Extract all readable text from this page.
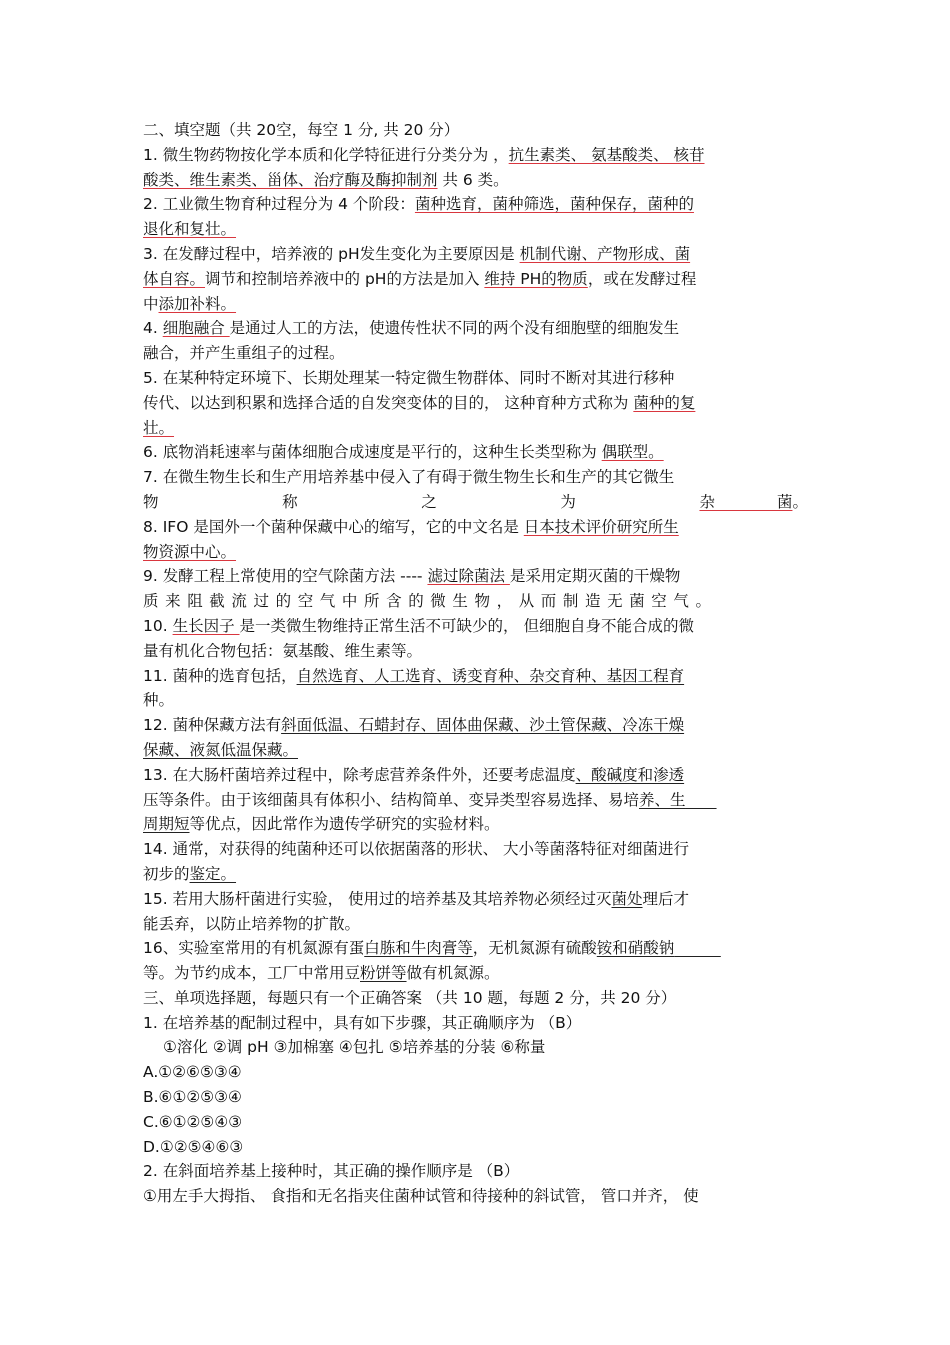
二、填空题（共 20空，每空 1 分, 共 20 分）
1. 微生物药物按化学本质和化学特征进行分类分为 ，抗生素类、 氨基酸类、 核苷
酸类、维生素类、甾体、治疗酶及酶抑制剂 共 6 类。
2. 工业微生物育种过程分为 4 个阶段：菌种选育，菌种筛选，菌种保存，菌种的
退化和复壮。
3. 在发酵过程中，培养液的 pH发生变化为主要原因是 机制代谢、产物形成、菌
体自容。调节和控制培养液中的 pH的方法是加入 维持 PH的物质，或在发酵过程
中添加补料。
4. 细胞融合 是通过人工的方法，使遗传性状不同的两个没有细胞壁的细胞发生
融合，并产生重组子的过程。
5. 在某种特定环境下、长期处理某一特定微生物群体、同时不断对其进行移种
传代、以达到积累和选择合适的自发突变体的目的， 这种育种方式称为 菌种的复
壮。
6. 底物消耗速率与菌体细胞合成速度是平行的，这种生长类型称为 偶联型。
7. 在微生物生长和生产用培养基中侵入了有碍于微生物生长和生产的其它微生
物	称	之	为	杂　　　　菌。
8. IFO 是国外一个菌种保藏中心的缩写，它的中文名是 日本技术评价研究所生
物资源中心。
9. 发酵工程上常使用的空气除菌方法 ---- 滤过除菌法 是采用定期灭菌的干燥物
质来阻截流过的空气中所含的微生物，从而制造无菌空气。
10. 生长因子 是一类微生物维持正常生活不可缺少的， 但细胞自身不能合成的微
量有机化合物包括：氨基酸、维生素等。
11. 菌种的选育包括，自然选育、人工选育、诱变育种、杂交育种、基因工程育
种。
12. 菌种保藏方法有斜面低温、石蜡封存、固体曲保藏、沙土管保藏、冷冻干燥
保藏、液氮低温保藏。
13. 在大肠杆菌培养过程中，除考虑营养条件外，还要考虑温度、酸碱度和渗透
压等条件。由于该细菌具有体积小、结构简单、变异类型容易选择、易培养、生　　
周期短等优点，因此常作为遗传学研究的实验材料。
14. 通常，对获得的纯菌种还可以依据菌落的形状、 大小等菌落特征对细菌进行
初步的鉴定。
15. 若用大肠杆菌进行实验， 使用过的培养基及其培养物必须经过灭菌处理后才
能丢弃，以防止培养物的扩散。
16、实验室常用的有机氮源有蛋白胨和牛肉膏等，无机氮源有硫酸铵和硝酸钠　　　
等。为节约成本，工厂中常用豆粉饼等做有机氮源。
三、单项选择题，每题只有一个正确答案 （共 10 题，每题 2 分，共 20 分）
1. 在培养基的配制过程中，具有如下步骤，其正确顺序为 （B）
①溶化 ②调 pH ③加棉塞 ④包扎 ⑤培养基的分装 ⑥称量
A.①②⑥⑤③④
B.⑥①②⑤③④
C.⑥①②⑤④③
D.①②⑤④⑥③
2. 在斜面培养基上接种时，其正确的操作顺序是 （B）
①用左手大拇指、 食指和无名指夹住菌种试管和待接种的斜试管， 管口并齐， 使
